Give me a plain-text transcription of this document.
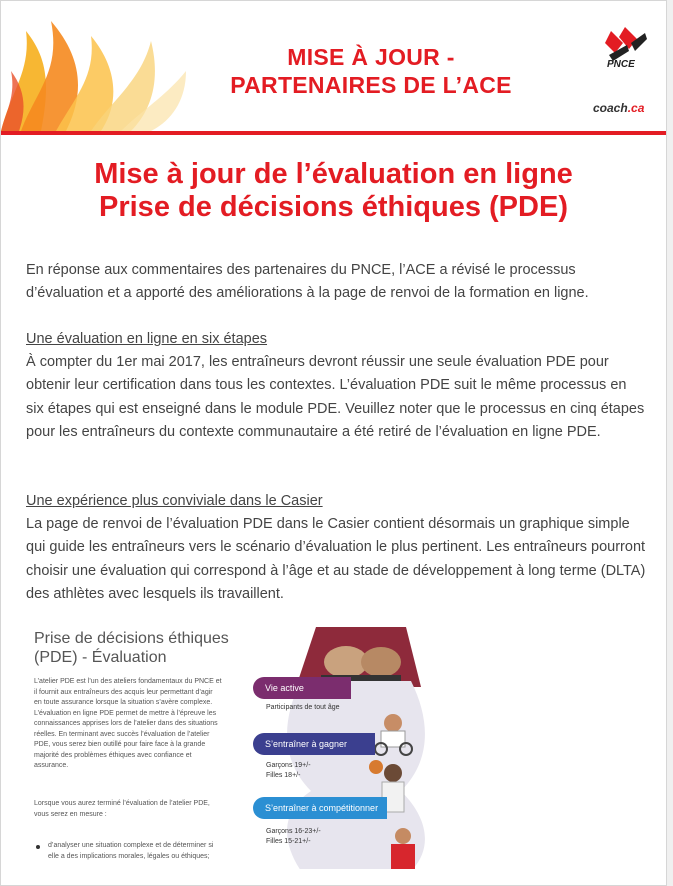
MISE À JOUR -
PARTENAIRES DE L’ACE
PNCE
coach.ca
Mise à jour de l’évaluation en ligne
Prise de décisions éthiques (PDE)
En réponse aux commentaires des partenaires du PNCE, l’ACE a révisé le processus d’évaluation et a apporté des améliorations à la page de renvoi de la formation en ligne.
Une évaluation en ligne en six étapes
À compter du 1er mai 2017, les entraîneurs devront réussir une seule évaluation PDE pour obtenir leur certification dans tous les contextes. L’évaluation PDE suit le même processus en six étapes qui est enseigné dans le module PDE. Veuillez noter que le processus en cinq étapes pour les entraîneurs du contexte communautaire a été retiré de l’évaluation en ligne PDE.
Une expérience plus conviviale dans le Casier
La page de renvoi de l’évaluation PDE dans le Casier contient désormais un graphique simple qui guide les entraîneurs vers le scénario d’évaluation le plus pertinent. Les entraîneurs pourront choisir une évaluation qui correspond à l’âge et au stade de développement à long terme (DLTA) des athlètes avec lesquels ils travaillent.
Prise de décisions éthiques
(PDE) - Évaluation
L’atelier PDE est l’un des ateliers fondamentaux du PNCE et il fournit aux entraîneurs des acquis leur permettant d’agir en toute assurance lorsque la situation s’avère complexe. L’évaluation en ligne PDE permet de mettre à l’épreuve les connaissances apprises lors de l’atelier dans des situations réelles. En terminant avec succès l’évaluation de l’atelier PDE, vous serez bien outillé pour faire face à la grande majorité des problèmes éthiques avec confiance et assurance.
Lorsque vous aurez terminé l’évaluation de l’atelier PDE, vous serez en mesure :
d’analyser une situation complexe et de déterminer si elle a des implications morales, légales ou éthiques;
Vie active
Participants de tout âge
S’entraîner à gagner
Garçons 19+/-
Filles 18+/-
S’entraîner à compétitionner
Garçons 16-23+/-
Filles 15-21+/-
